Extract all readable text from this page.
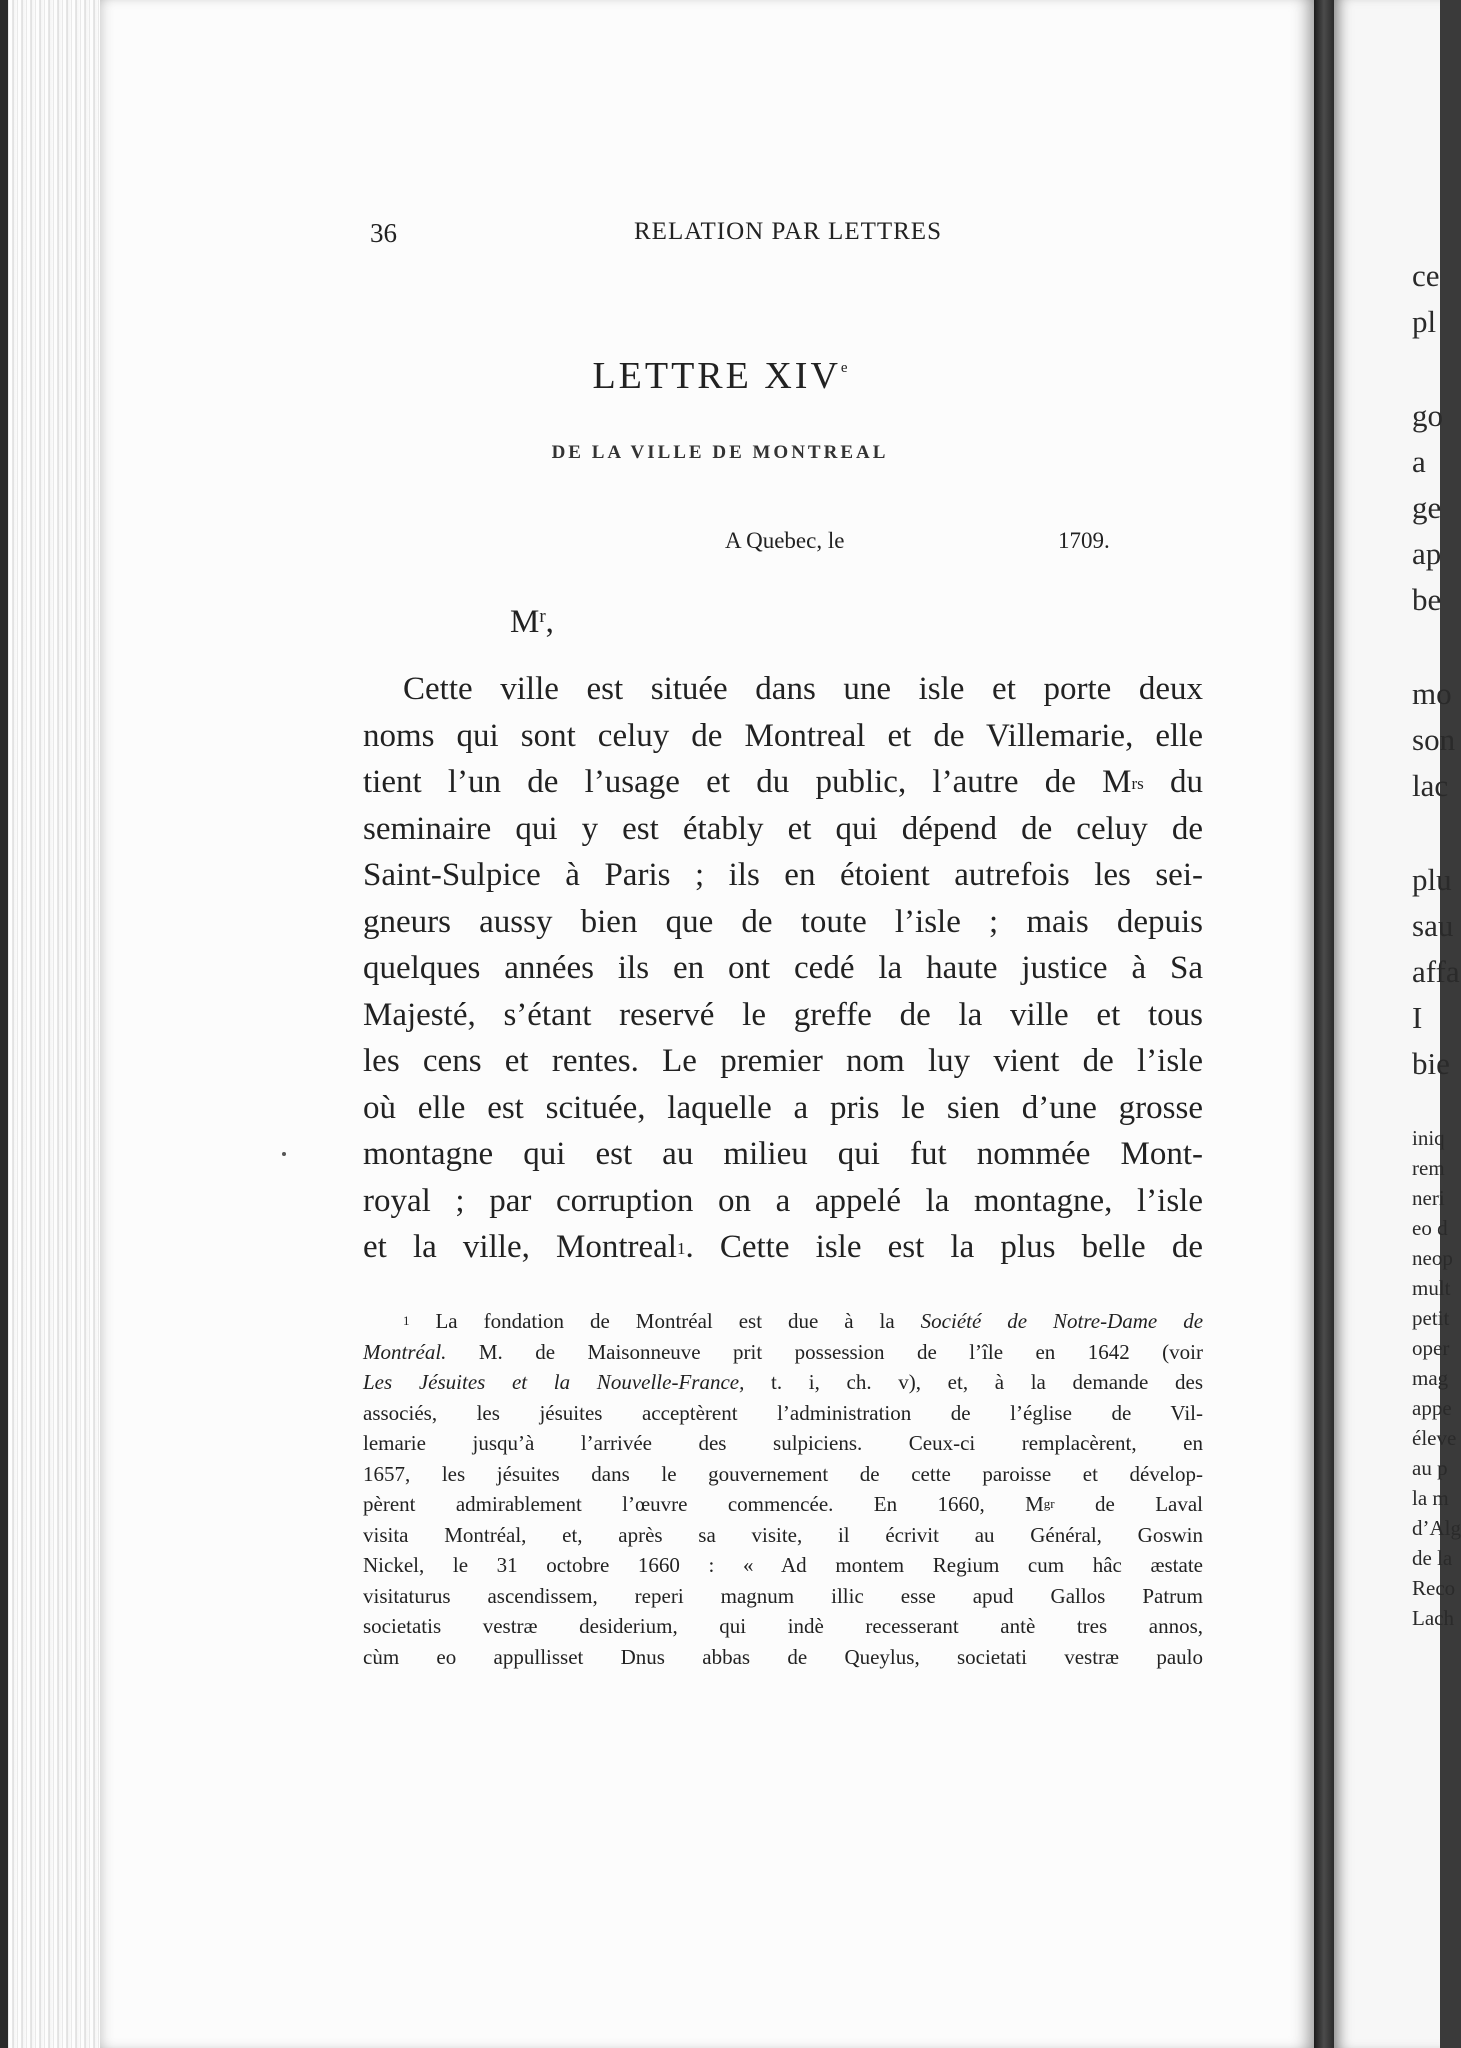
ce
pl
go
a
ge
ap
be
mo
son
lac
plu
sau
affa
I
bie
iniq
rem
neri
eo d
neop
mult
petit
oper
mag
appe
éleve
au p
la m
d’Alg
de la
Reco
Lach
36	RELATION PAR LETTRES
LETTRE XIVe
DE LA VILLE DE MONTREAL
A Quebec, le	1709.
$M^r$,
Cette ville est située dans une isle et porte deux
noms qui sont celuy de Montreal et de Villemarie, elle
tient l’un de l’usage et du public, l’autre de $M^{rs}$ du
seminaire qui y est étably et qui dépend de celuy de
Saint-Sulpice à Paris ; ils en étoient autrefois les sei-
gneurs aussy bien que de toute l’isle ; mais depuis
quelques années ils en ont cedé la haute justice à Sa
Majesté, s’étant reservé le greffe de la ville et tous
les cens et rentes. Le premier nom luy vient de l’isle
où elle est scituée, laquelle a pris le sien d’une grosse
montagne qui est au milieu qui fut nommée Mont-
royal ; par corruption on a appelé la montagne, l’isle
et la ville, Montreal$^1$. Cette isle est la plus belle de
$^1$ La fondation de Montréal est due à la Société de Notre-Dame de
Montréal. M. de Maisonneuve prit possession de l’île en 1642 (voir
Les Jésuites et la Nouvelle-France, t. i, ch. v), et, à la demande des
associés, les jésuites acceptèrent l’administration de l’église de Vil-
lemarie jusqu’à l’arrivée des sulpiciens. Ceux-ci remplacèrent, en
1657, les jésuites dans le gouvernement de cette paroisse et dévelop-
pèrent admirablement l’œuvre commencée. En 1660, $M^{gr}$ de Laval
visita Montréal, et, après sa visite, il écrivit au Général, Goswin
Nickel, le 31 octobre 1660 : « Ad montem Regium cum hâc æstate
visitaturus ascendissem, reperi magnum illic esse apud Gallos Patrum
societatis vestræ desiderium, qui indè recesserant antè tres annos,
cùm eo appullisset Dnus abbas de Queylus, societati vestræ paulo
